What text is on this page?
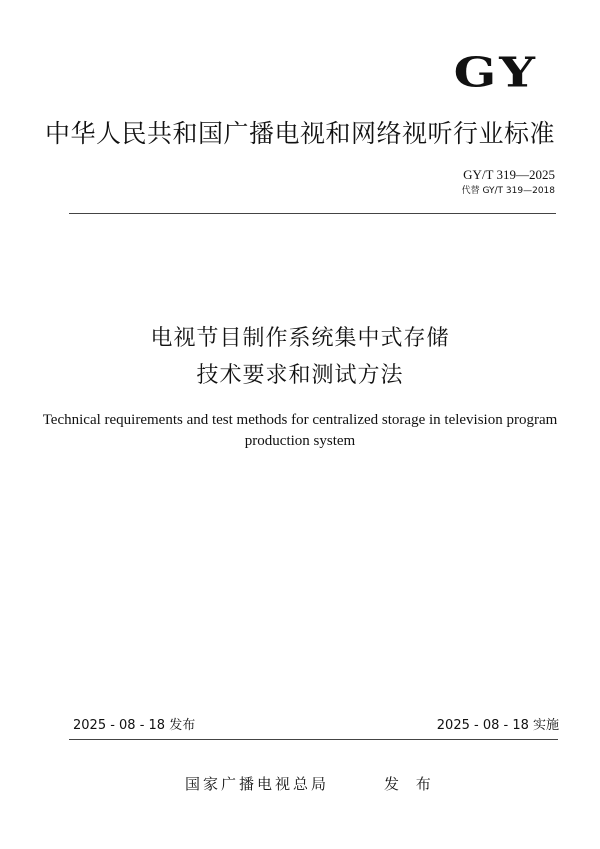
GY
中华人民共和国广播电视和网络视听行业标准
GY/T 319—2025
代替 GY/T 319—2018
电视节目制作系统集中式存储
技术要求和测试方法
Technical requirements and test methods for centralized storage in television program production system
2025 - 08 - 18 发布	2025 - 08 - 18 实施
国家广播电视总局	发 布
